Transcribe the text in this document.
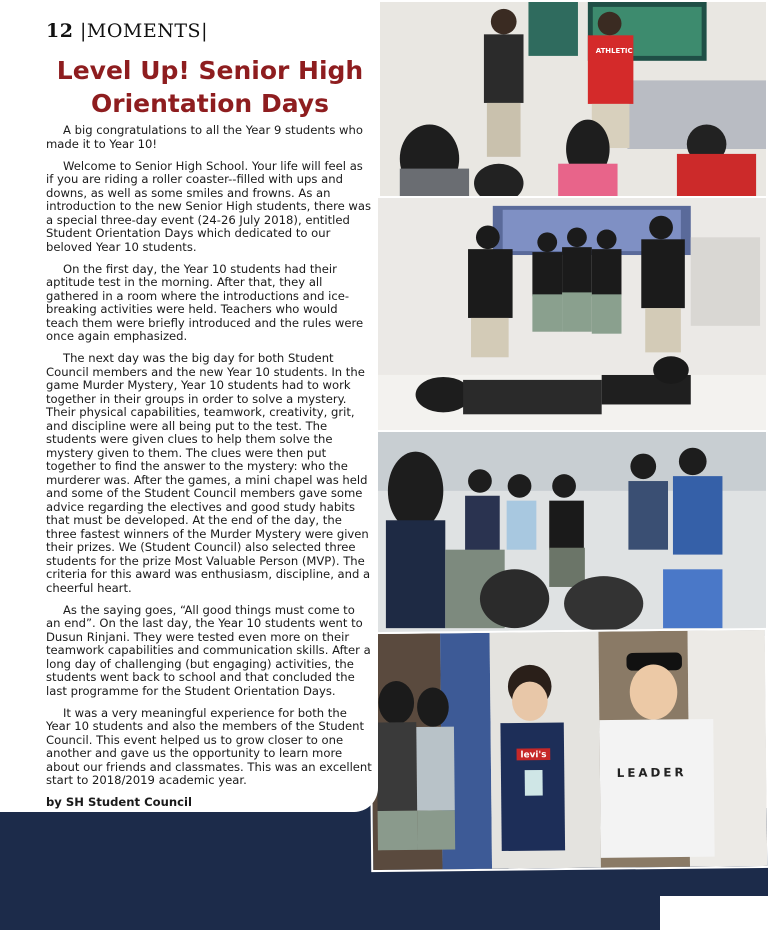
ATHLETIC
levi's
LEADER
12 |MOMENTS|
Level Up! Senior High
Orientation Days

A big congratulations to all the Year 9 students who made it to Year 10!

Welcome to Senior High School. Your life will feel as if you are riding a roller coaster--filled with ups and downs, as well as some smiles and frowns. As an introduction to the new Senior High students, there was a special three-day event (24-26 July 2018), entitled Student Orientation Days which dedicated to our beloved Year 10 students.

On the first day, the Year 10 students had their aptitude test in the morning. After that, they all gathered in a room where the introductions and ice-breaking activities were held. Teachers who would teach them were briefly introduced and the rules were once again emphasized.

The next day was the big day for both Student Council members and the new Year 10 students. In the game Murder Mystery, Year 10 students had to work together in their groups in order to solve a mystery. Their physical capabilities, teamwork, creativity, grit, and discipline were all being put to the test. The students were given clues to help them solve the mystery given to them. The clues were then put together to find the answer to the mystery: who the murderer was. After the games, a mini chapel was held and some of the Student Council members gave some advice regarding the electives and good study habits that must be developed. At the end of the day, the three fastest winners of the Murder Mystery were given their prizes. We (Student Council) also selected three students for the prize Most Valuable Person (MVP). The criteria for this award was enthusiasm, discipline, and a cheerful heart.

As the saying goes, “All good things must come to an end”. On the last day, the Year 10 students went to Dusun Rinjani. They were tested even more on their teamwork capabilities and communication skills. After a long day of challenging (but engaging) activities, the students went back to school and that concluded the last programme for the Student Orientation Days.

It was a very meaningful experience for both the Year 10 students and also the members of the Student Council. This event helped us to grow closer to one another and gave us the opportunity to learn more about our friends and classmates. This was an excellent start to 2018/2019 academic year.

by SH Student Council
